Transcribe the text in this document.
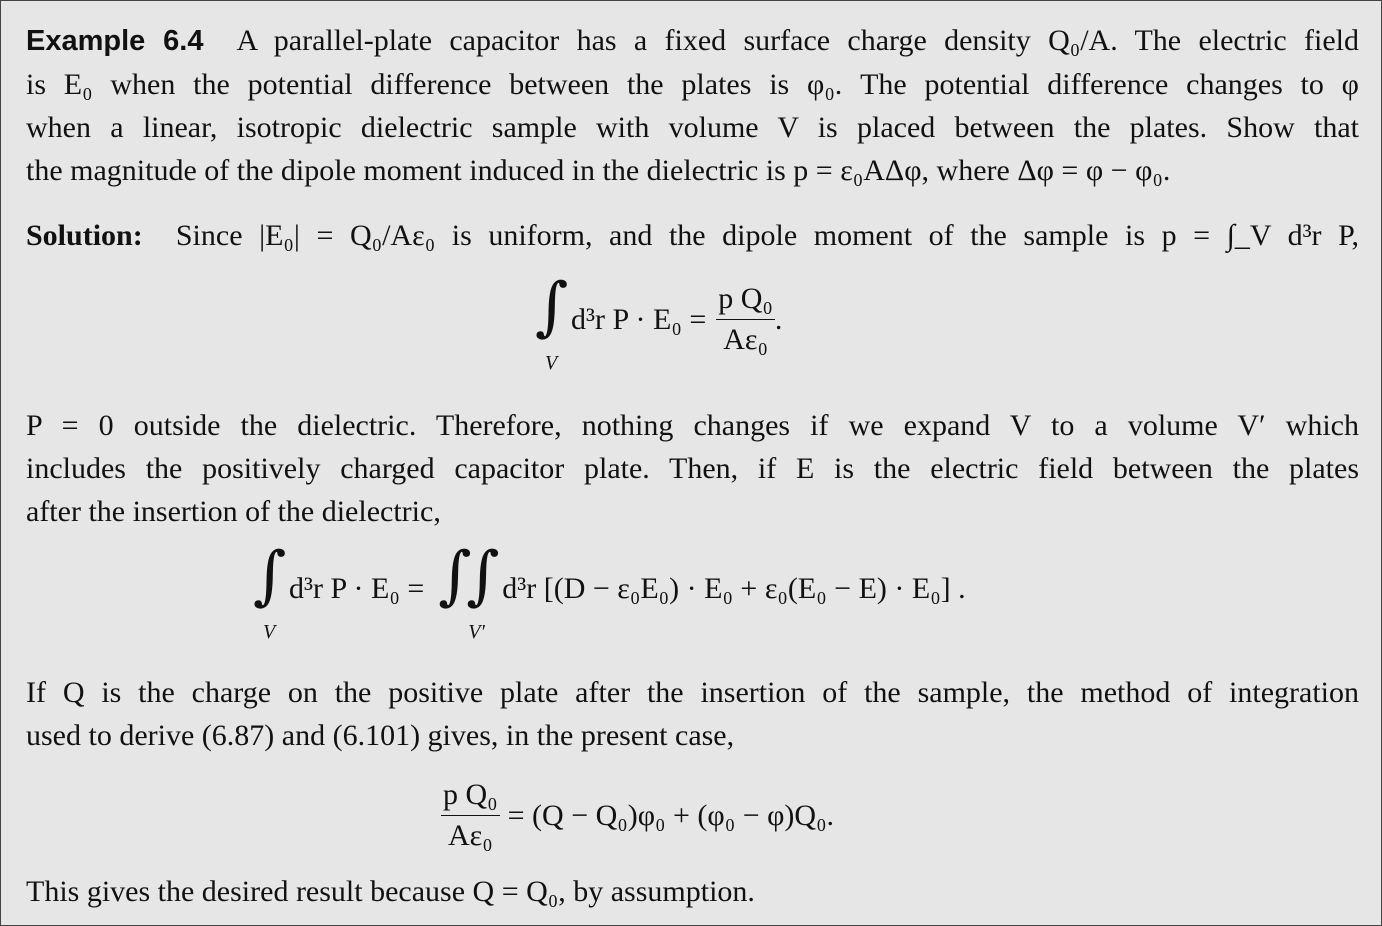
Example 6.4 A parallel-plate capacitor has a fixed surface charge density Q₀/A. The electric field
is E₀ when the potential difference between the plates is φ₀. The potential difference changes to φ
when a linear, isotropic dielectric sample with volume V is placed between the plates. Show that
the magnitude of the dipole moment induced in the dielectric is p = ε₀AΔφ, where Δφ = φ − φ₀.
Solution: Since |E₀| = Q₀/Aε₀ is uniform, and the dipole moment of the sample is p = ∫_V d³r P,
∫
V
d³r $P \cdot E_0 = \frac{\text{p Q₀}}{\text{Aε₀}}$ .
P = 0 outside the dielectric. Therefore, nothing changes if we expand V to a volume V′ which
includes the positively charged capacitor plate. Then, if E is the electric field between the plates
after the insertion of the dielectric,
∫
V
d³r P · E₀ = ∫
∫
V′
d³r [(D − ε₀E₀) · E₀ + ε₀(E₀ − E) · E₀] .
If Q is the charge on the positive plate after the insertion of the sample, the method of integration
used to derive (6.87) and (6.101) gives, in the present case,
$\frac{\text{p Q₀}}{\text{Aε₀}} = (Q - Q_0)\varphi_0 + (\varphi_0 - \varphi)Q_0$.
This gives the desired result because Q = Q₀, by assumption.
